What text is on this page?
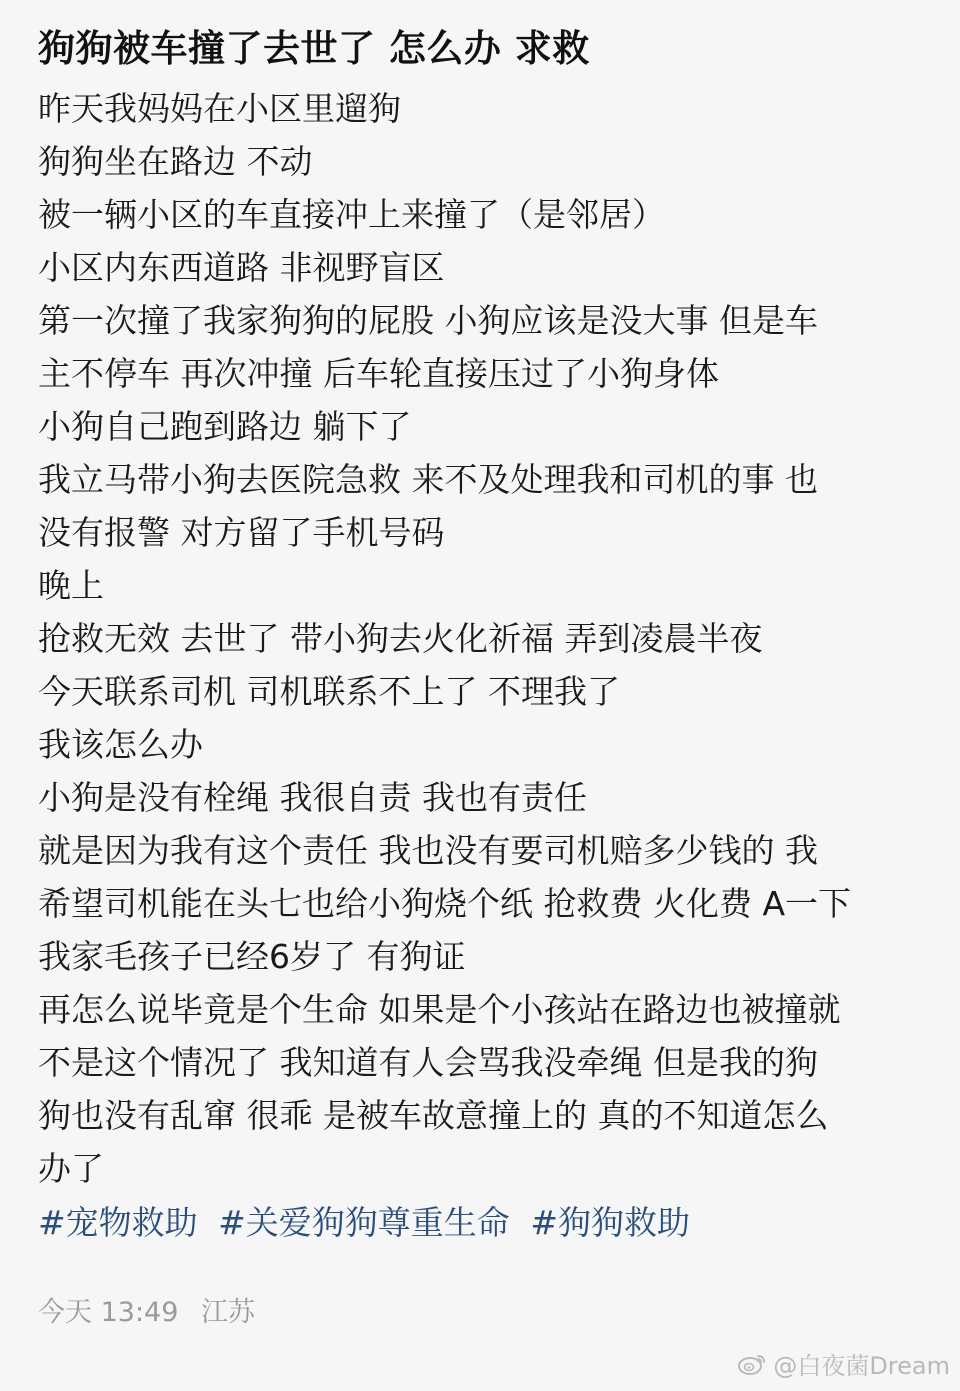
狗狗被车撞了去世了 怎么办 求救
昨天我妈妈在小区里遛狗
狗狗坐在路边 不动
被一辆小区的车直接冲上来撞了（是邻居）
小区内东西道路 非视野盲区
第一次撞了我家狗狗的屁股 小狗应该是没大事 但是车
主不停车 再次冲撞 后车轮直接压过了小狗身体
小狗自己跑到路边 躺下了
我立马带小狗去医院急救 来不及处理我和司机的事 也
没有报警 对方留了手机号码
晚上
抢救无效 去世了 带小狗去火化祈福 弄到凌晨半夜
今天联系司机 司机联系不上了 不理我了
我该怎么办
小狗是没有栓绳 我很自责 我也有责任
就是因为我有这个责任 我也没有要司机赔多少钱的 我
希望司机能在头七也给小狗烧个纸 抢救费 火化费 A一下
我家毛孩子已经6岁了 有狗证
再怎么说毕竟是个生命 如果是个小孩站在路边也被撞就
不是这个情况了 我知道有人会骂我没牵绳 但是我的狗
狗也没有乱窜 很乖 是被车故意撞上的 真的不知道怎么
办了
#宠物救助 #关爱狗狗尊重生命 #狗狗救助
今天 13:49 江苏
@白夜菌Dream
